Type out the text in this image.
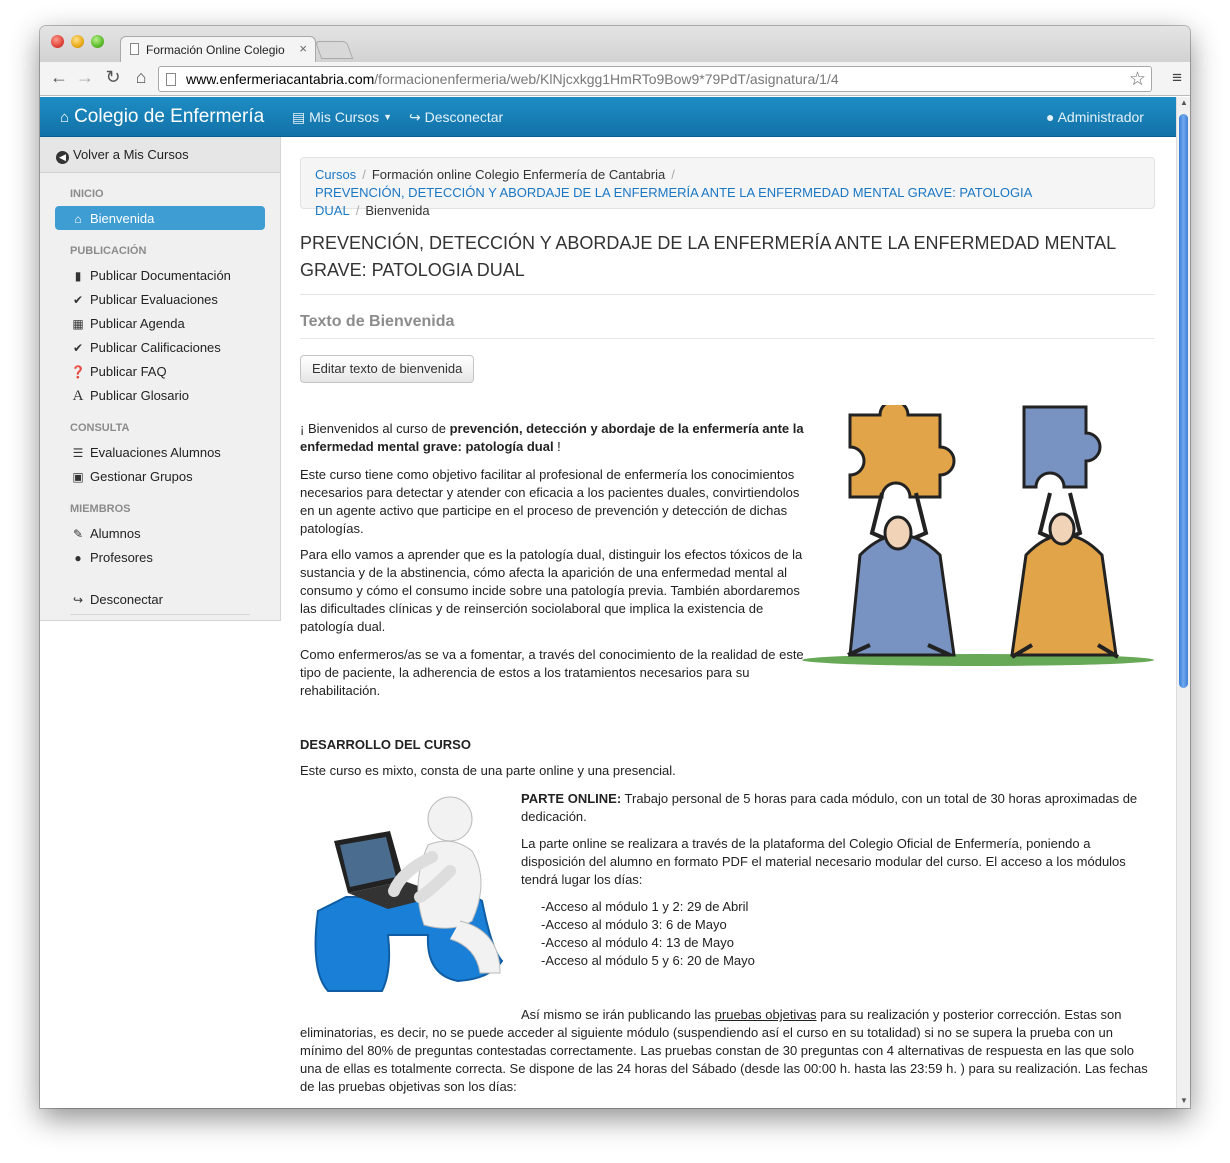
Formación Online Colegio	×
← → ↻ ⌂	www.enfermeriacantabria.com/formacionenfermeria/web/KlNjcxkgg1HmRTo9Bow9*79PdT/asignatura/1/4	☆ ≡
⌂ Colegio de Enfermería ▤ Mis Cursos ▼ ↪ Desconectar	● Administrador
◀ Volver a Mis Cursos
INICIO
⌂ Bienvenida
PUBLICACIÓN
▮ Publicar Documentación
✔ Publicar Evaluaciones
▦ Publicar Agenda
✔ Publicar Calificaciones
❓ Publicar FAQ
A Publicar Glosario
CONSULTA
☰ Evaluaciones Alumnos
▣ Gestionar Grupos
MIEMBROS
✎ Alumnos
● Profesores
↪ Desconectar
Cursos / Formación online Colegio Enfermería de Cantabria /
PREVENCIÓN, DETECCIÓN Y ABORDAJE DE LA ENFERMERÍA ANTE LA ENFERMEDAD MENTAL GRAVE: PATOLOGIA DUAL / Bienvenida
PREVENCIÓN, DETECCIÓN Y ABORDAJE DE LA ENFERMERÍA ANTE LA ENFERMEDAD MENTAL GRAVE: PATOLOGIA DUAL
Texto de Bienvenida
Editar texto de bienvenida
¡ Bienvenidos al curso de prevención, detección y abordaje de la enfermería ante la enfermedad mental grave: patología dual !
Este curso tiene como objetivo facilitar al profesional de enfermería los conocimientos necesarios para detectar y atender con eficacia a los pacientes duales, convirtiendolos en un agente activo que participe en el proceso de prevención y detección de dichas patologías.
Para ello vamos a aprender que es la patología dual, distinguir los efectos tóxicos de la sustancia y de la abstinencia, cómo afecta la aparición de una enfermedad mental al consumo y cómo el consumo incide sobre una patología previa. También abordaremos las dificultades clínicas y de reinserción sociolaboral que implica la existencia de patología dual.
Como enfermeros/as se va a fomentar, a través del conocimiento de la realidad de este tipo de paciente, la adherencia de estos a los tratamientos necesarios para su rehabilitación.
DESARROLLO DEL CURSO
Este curso es mixto, consta de una parte online y una presencial.
PARTE ONLINE: Trabajo personal de 5 horas para cada módulo, con un total de 30 horas aproximadas de dedicación.
La parte online se realizara a través de la plataforma del Colegio Oficial de Enfermería, poniendo a disposición del alumno en formato PDF el material necesario modular del curso. El acceso a los módulos tendrá lugar los días:
-Acceso al módulo 1 y 2: 29 de Abril
-Acceso al módulo 3: 6 de Mayo
-Acceso al módulo 4: 13 de Mayo
-Acceso al módulo 5 y 6: 20 de Mayo
Así mismo se irán publicando las pruebas objetivas para su realización y posterior corrección. Estas son eliminatorias, es decir, no se puede acceder al siguiente módulo (suspendiendo así el curso en su totalidad) si no se supera la prueba con un mínimo del 80% de preguntas contestadas correctamente. Las pruebas constan de 30 preguntas con 4 alternativas de respuesta en las que solo una de ellas es totalmente correcta. Se dispone de las 24 horas del Sábado (desde las 00:00 h. hasta las 23:59 h. ) para su realización. Las fechas de las pruebas objetivas son los días:
▲
▼
